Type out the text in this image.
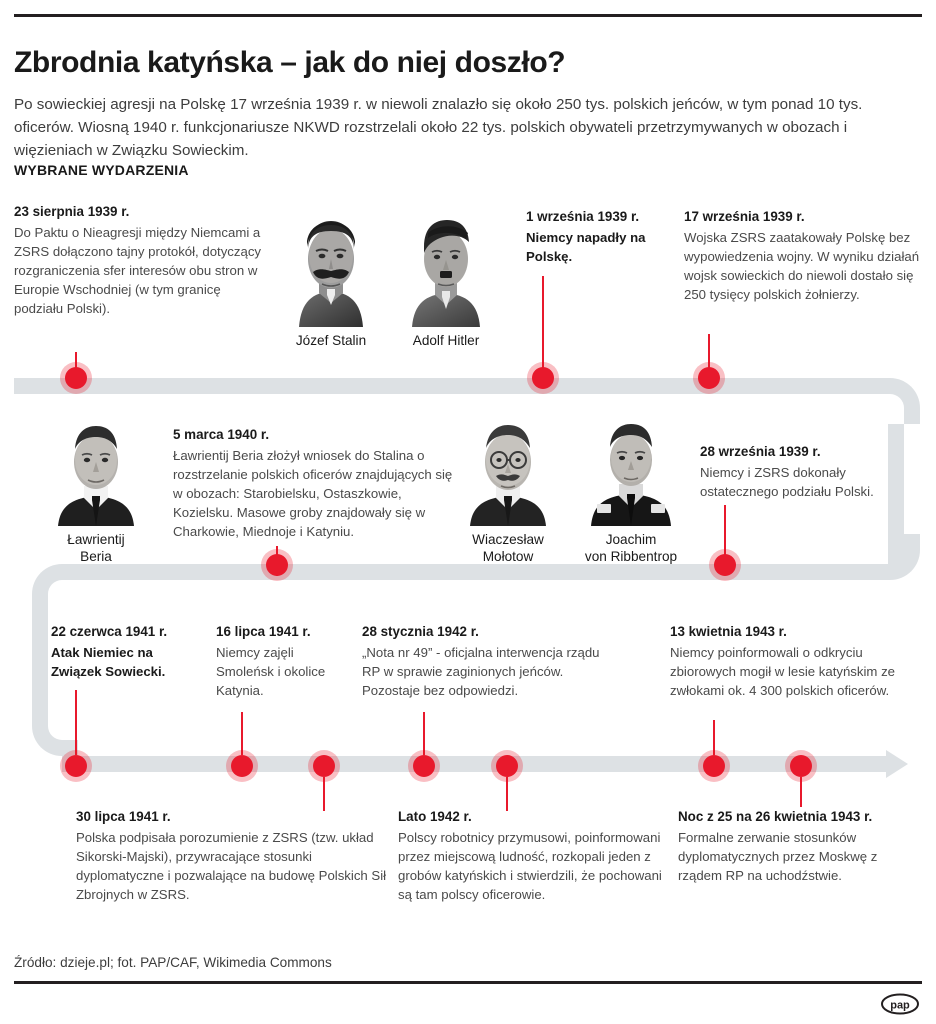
Zbrodnia katyńska – jak do niej doszło?

Po sowieckiej agresji na Polskę 17 września 1939 r. w niewoli znalazło się około 250 tys. polskich jeńców, w tym ponad 10 tys. oficerów. Wiosną 1940 r. funkcjonariusze NKWD rozstrzelali około 22 tys. polskich obywateli przetrzymywanych w obozach i więzieniach w Związku Sowieckim.

WYBRANE WYDARZENIA
23 sierpnia 1939 r.
Do Paktu o Nieagresji między Niemcami a ZSRS dołączono tajny protokół, dotyczący rozgraniczenia sfer interesów obu stron w Europie Wschodniej (w tym granicę podziału Polski).
1 września 1939 r.
Niemcy napadły na Polskę.
17 września 1939 r.
Wojska ZSRS zaatakowały Polskę bez wypowiedzenia wojny. W wyniku działań wojsk sowieckich do niewoli dostało się 250 tysięcy polskich żołnierzy.
5 marca 1940 r.
Ławrientij Beria złożył wniosek do Stalina o rozstrzelanie polskich oficerów znajdujących się w obozach: Starobielsku, Ostaszkowie, Kozielsku. Masowe groby znajdowały się w Charkowie, Miednoje i Katyniu.
28 września 1939 r.
Niemcy i ZSRS dokonały ostatecznego podziału Polski.
22 czerwca 1941 r.
Atak Niemiec na Związek Sowiecki.
16 lipca 1941 r.
Niemcy zajęli Smoleńsk i okolice Katynia.
28 stycznia 1942 r.
„Nota nr 49” - oficjalna interwencja rządu RP w sprawie zaginionych jeńców. Pozostaje bez odpowiedzi.
13 kwietnia 1943 r.
Niemcy poinformowali o odkryciu zbiorowych mogił w lesie katyńskim ze zwłokami ok. 4 300 polskich oficerów.
30 lipca 1941 r.
Polska podpisała porozumienie z ZSRS (tzw. układ Sikorski-Majski), przywracające stosunki dyplomatyczne i pozwalające na budowę Polskich Sił Zbrojnych w ZSRS.
Lato 1942 r.
Polscy robotnicy przymusowi, poinformowani przez miejscową ludność, rozkopali jeden z grobów katyńskich i stwierdzili, że pochowani są tam polscy oficerowie.
Noc z 25 na 26 kwietnia 1943 r.
Formalne zerwanie stosunków dyplomatycznych przez Moskwę z rządem RP na uchodźstwie.
Józef Stalin	Adolf Hitler
Ławrientij
Beria
Wiaczesław
Mołotow
Joachim
von Ribbentrop
Źródło: dzieje.pl; fot. PAP/CAF, Wikimedia Commons
pap
